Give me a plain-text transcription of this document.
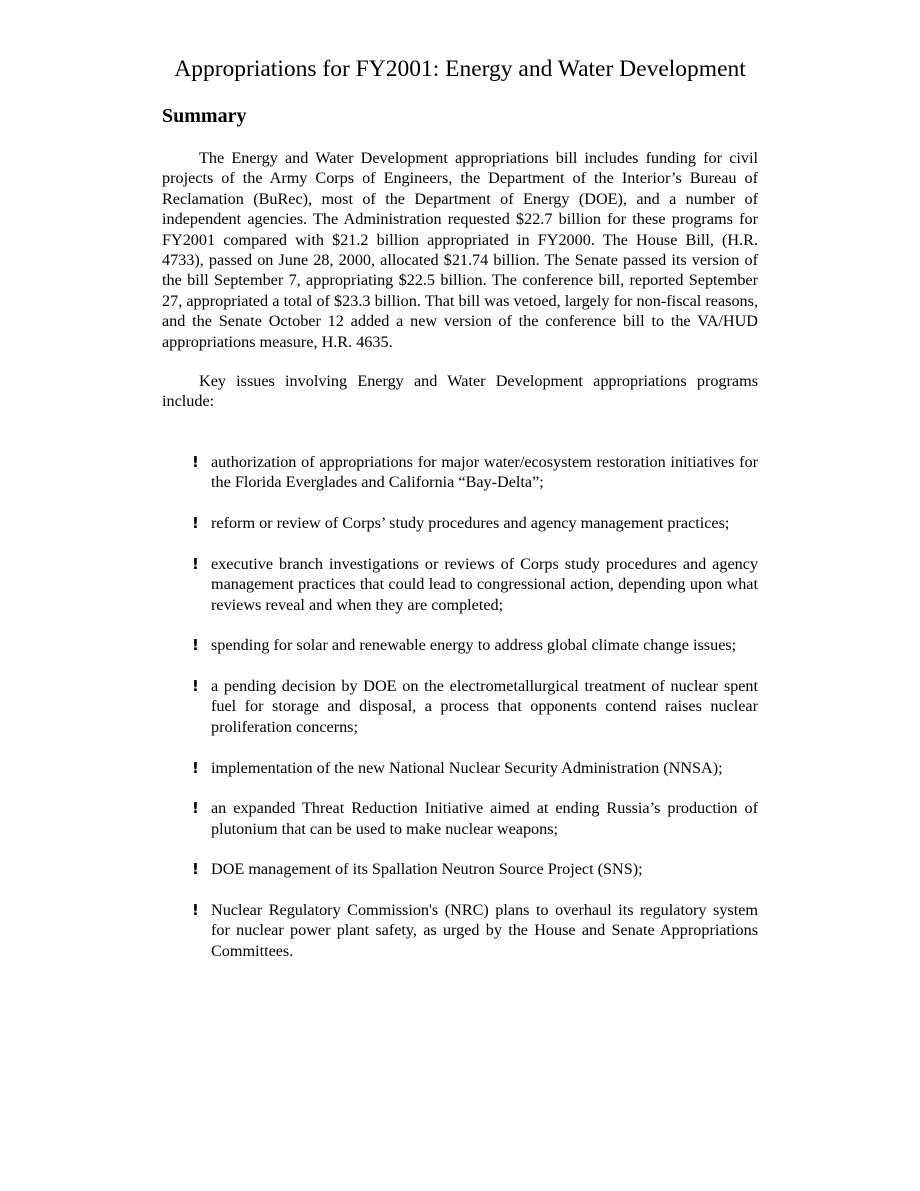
Appropriations for FY2001: Energy and Water Development
Summary

The Energy and Water Development appropriations bill includes funding for civil projects of the Army Corps of Engineers, the Department of the Interior’s Bureau of Reclamation (BuRec), most of the Department of Energy (DOE), and a number of independent agencies. The Administration requested $22.7 billion for these programs for FY2001 compared with $21.2 billion appropriated in FY2000. The House Bill, (H.R. 4733), passed on June 28, 2000, allocated $21.74 billion. The Senate passed its version of the bill September 7, appropriating $22.5 billion. The conference bill, reported September 27, appropriated a total of $23.3 billion. That bill was vetoed, largely for non-fiscal reasons, and the Senate October 12 added a new version of the conference bill to the VA/HUD appropriations measure, H.R. 4635.

Key issues involving Energy and Water Development appropriations programs include:

! authorization of appropriations for major water/ecosystem restoration initiatives for the Florida Everglades and California “Bay-Delta”;
! reform or review of Corps’ study procedures and agency management practices;
! executive branch investigations or reviews of Corps study procedures and agency management practices that could lead to congressional action, depending upon what reviews reveal and when they are completed;
! spending for solar and renewable energy to address global climate change issues;
! a pending decision by DOE on the electrometallurgical treatment of nuclear spent fuel for storage and disposal, a process that opponents contend raises nuclear proliferation concerns;
! implementation of the new National Nuclear Security Administration (NNSA);
! an expanded Threat Reduction Initiative aimed at ending Russia’s production of plutonium that can be used to make nuclear weapons;
! DOE management of its Spallation Neutron Source Project (SNS);
! Nuclear Regulatory Commission's (NRC) plans to overhaul its regulatory system for nuclear power plant safety, as urged by the House and Senate Appropriations Committees.
